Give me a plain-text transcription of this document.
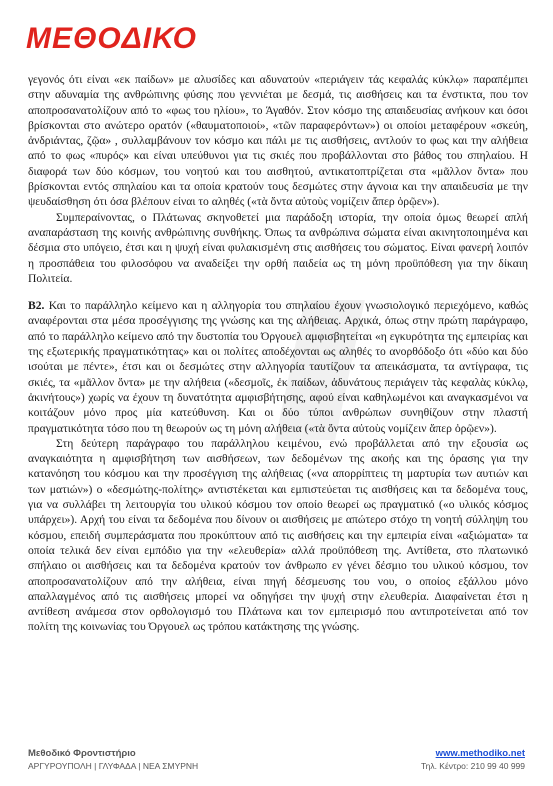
ΜΕΘΟΔΙΚΟ

γεγονός ότι είναι «εκ παίδων» με αλυσίδες και αδυνατούν «περιάγειν τάς κεφαλάς κύκλῳ» παραπέμπει στην αδυναμία της ανθρώπινης φύσης που γεννιέται με δεσμά, τις αισθήσεις και τα ένστικτα, που τον αποπροσανατολίζουν από το «φως του ηλίου», το Άγαθόν. Στον κόσμο της απαιδευσίας ανήκουν και όσοι βρίσκονται στο ανώτερο ορατόν («θαυματοποιοί», «τῶν παραφερόντων») οι οποίοι μεταφέρουν «σκεύη, ἀνδριάντας, ζῷα» , συλλαμβάνουν τον κόσμο και πάλι με τις αισθήσεις, αντλούν το φως και την αλήθεια από το φως «πυρός» και είναι υπεύθυνοι για τις σκιές που προβάλλονται στο βάθος του σπηλαίου. Η διαφορά των δύο κόσμων, του νοητού και του αισθητού, αντικατοπτρίζεται στα «μᾶλλον ὄντα» που βρίσκονται εντός σπηλαίου και τα οποία κρατούν τους δεσμώτες στην άγνοια και την απαιδευσία με την ψευδαίσθηση ότι όσα βλέπουν είναι το αληθές («τὰ ὄντα αὐτοὺς νομίζειν ἅπερ ὁρῷεν»).

Συμπεραίνοντας, ο Πλάτωνας σκηνοθετεί μια παράδοξη ιστορία, την οποία όμως θεωρεί απλή αναπαράσταση της κοινής ανθρώπινης συνθήκης. Όπως τα ανθρώπινα σώματα είναι ακινητοποιημένα και δέσμια στο υπόγειο, έτσι και η ψυχή είναι φυλακισμένη στις αισθήσεις του σώματος. Είναι φανερή λοιπόν η προσπάθεια του φιλοσόφου να αναδείξει την ορθή παιδεία ως τη μόνη προϋπόθεση για την δίκαιη Πολιτεία.

Β2. Και το παράλληλο κείμενο και η αλληγορία του σπηλαίου έχουν γνωσιολογικό περιεχόμενο, καθώς αναφέρονται στα μέσα προσέγγισης της γνώσης και της αλήθειας. Αρχικά, όπως στην πρώτη παράγραφο, από το παράλληλο κείμενο από την δυστοπία του Όργουελ αμφισβητείται «η εγκυρότητα της εμπειρίας και της εξωτερικής πραγματικότητας» και οι πολίτες αποδέχονται ως αληθές το ανορθόδοξο ότι «δύο και δύο ισούται με πέντε», έτσι και οι δεσμώτες στην αλληγορία ταυτίζουν τα απεικάσματα, τα αντίγραφα, τις σκιές, τα «μᾶλλον ὄντα» με την αλήθεια («δεσμοῖς, ἐκ παίδων, ἀδυνάτους περιάγειν τὰς κεφαλὰς κύκλῳ, ἀκινήτους») χωρίς να έχουν τη δυνατότητα αμφισβήτησης, αφού είναι καθηλωμένοι και αναγκασμένοι να κοιτάζουν μόνο προς μία κατεύθυνση. Και οι δύο τύποι ανθρώπων συνηθίζουν στην πλαστή πραγματικότητα τόσο που τη θεωρούν ως τη μόνη αλήθεια («τὰ ὄντα αὐτοὺς νομίζειν ἅπερ ὁρῷεν»).

Στη δεύτερη παράγραφο του παράλληλου κειμένου, ενώ προβάλλεται από την εξουσία ως αναγκαιότητα η αμφισβήτηση των αισθήσεων, των δεδομένων της ακοής και της όρασης για την κατανόηση του κόσμου και την προσέγγιση της αλήθειας («να απορρίπτεις τη μαρτυρία των αυτιών και των ματιών») ο «δεσμώτης-πολίτης» αντιστέκεται και εμπιστεύεται τις αισθήσεις και τα δεδομένα τους, για να συλλάβει τη λειτουργία του υλικού κόσμου τον οποίο θεωρεί ως πραγματικό («ο υλικός κόσμος υπάρχει»). Αρχή του είναι τα δεδομένα που δίνουν οι αισθήσεις με απώτερο στόχο τη νοητή σύλληψη του κόσμου, επειδή συμπεράσματα που προκύπτουν από τις αισθήσεις και την εμπειρία είναι «αξιώματα» τα οποία τελικά δεν είναι εμπόδιο για την «ελευθερία» αλλά προϋπόθεση της. Αντίθετα, στο πλατωνικό σπήλαιο οι αισθήσεις και τα δεδομένα κρατούν τον άνθρωπο εν γένει δέσμιο του υλικού κόσμου, τον αποπροσανατολίζουν από την αλήθεια, είναι πηγή δέσμευσης του νου, ο οποίος εξάλλου μόνο απαλλαγμένος από τις αισθήσεις μπορεί να οδηγήσει την ψυχή στην ελευθερία. Διαφαίνεται έτσι η αντίθεση ανάμεσα στον ορθολογισμό του Πλάτωνα και τον εμπειρισμό που αντιπροτείνεται από τον πολίτη της κοινωνίας του Όργουελ ως τρόπου κατάκτησης της γνώσης.

Μεθοδικό Φροντιστήριο
ΑΡΓΥΡΟΥΠΟΛΗ | ΓΛΥΦΑΔΑ | ΝΕΑ ΣΜΥΡΝΗ
www.methodiko.net
Τηλ. Κέντρο: 210 99 40 999
